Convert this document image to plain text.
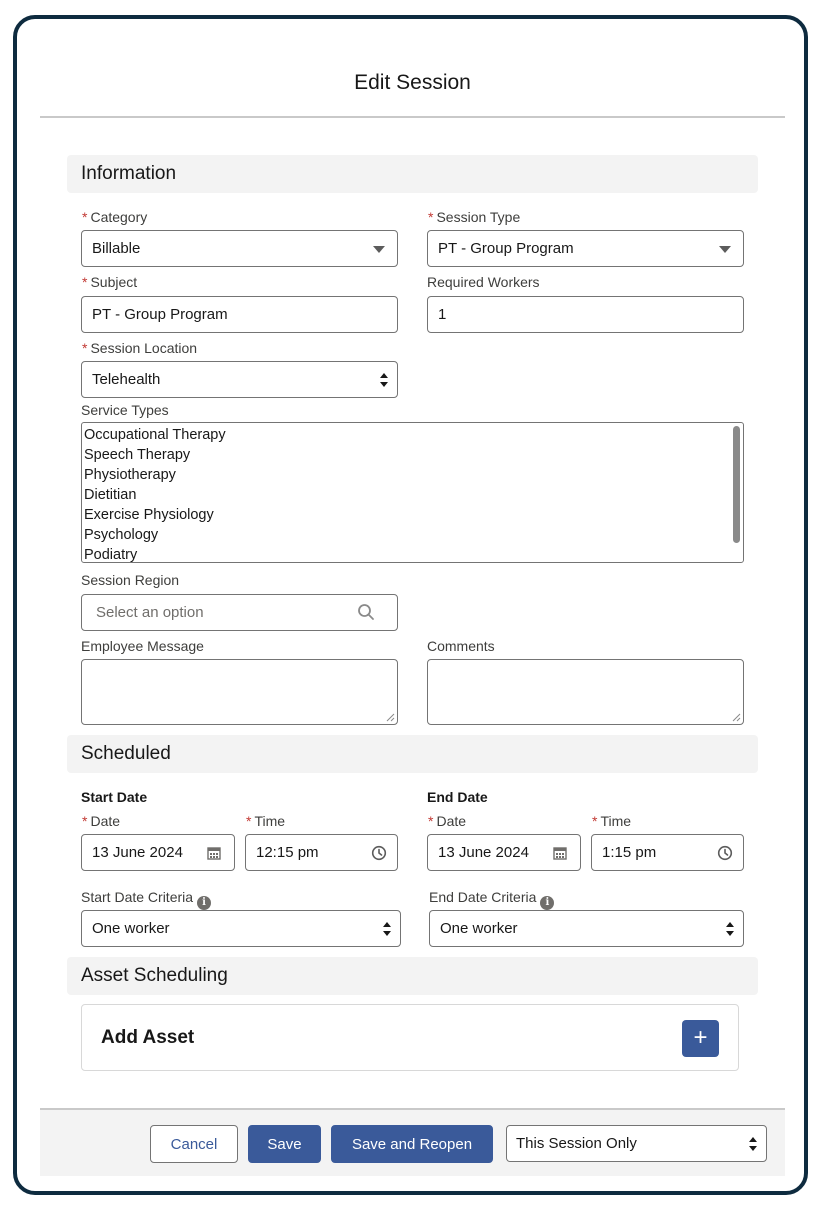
Edit Session
Information
* Category
Billable
* Session Type
PT - Group Program
* Subject
PT - Group Program
Required Workers
1
* Session Location
Telehealth
Service Types
Occupational Therapy
Speech Therapy
Physiotherapy
Dietitian
Exercise Physiology
Psychology
Podiatry
Session Region
Select an option
Employee Message	Comments
Scheduled
Start Date
* Date
13 June 2024
* Time
12:15 pm
End Date
* Date
13 June 2024
* Time
1:15 pm
Start Date Criteria i
One worker
End Date Criteria i
One worker
Asset Scheduling
Add Asset	+
Cancel	Save	Save and Reopen	This Session Only
